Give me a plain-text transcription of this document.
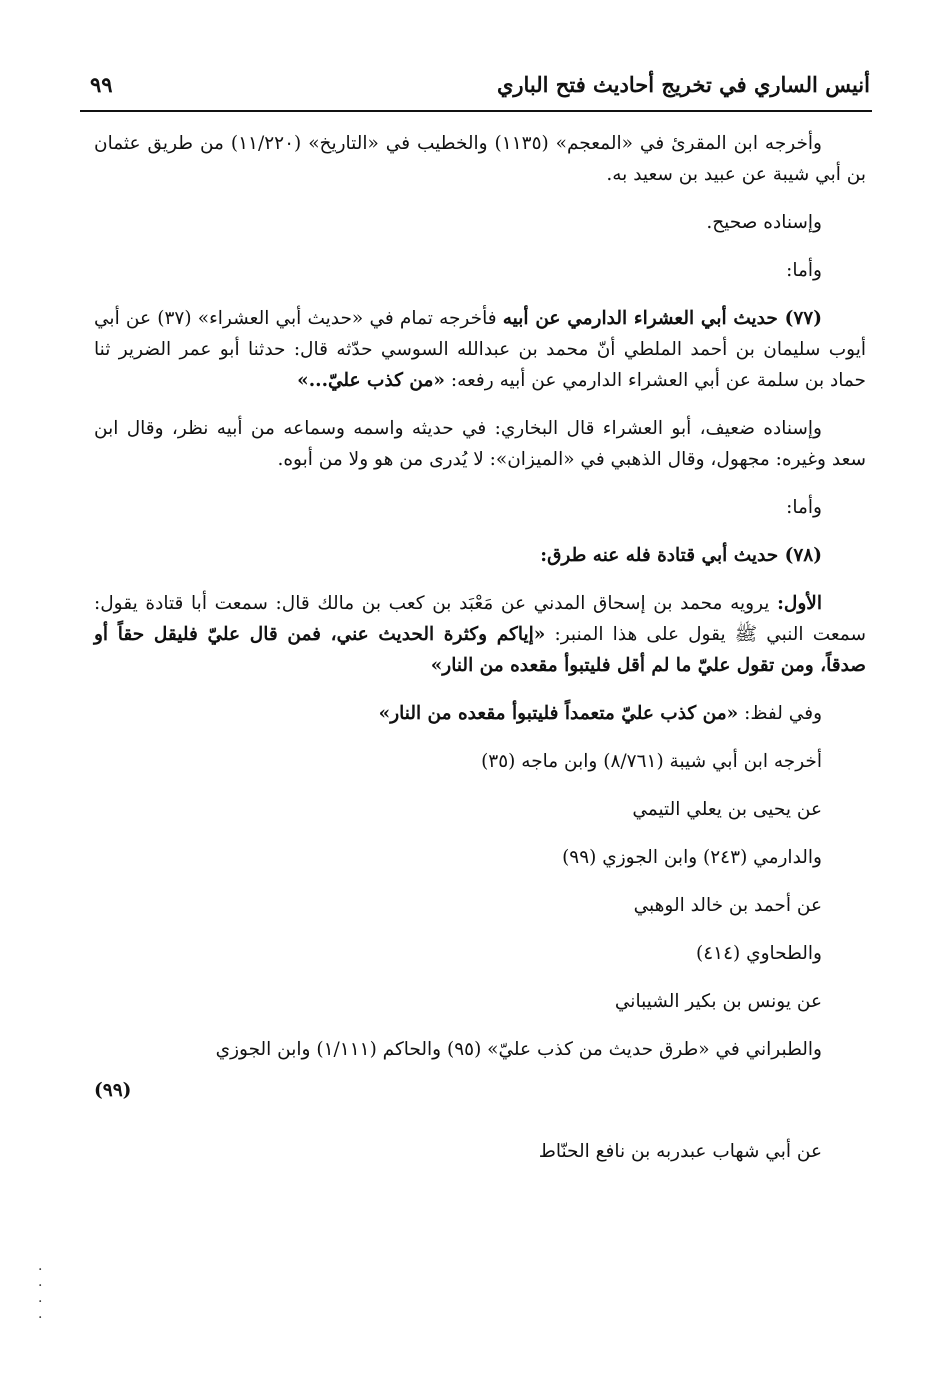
أنيس الساري في تخريج أحاديث فتح الباري
٩٩

وأخرجه ابن المقرئ في «المعجم» (١١٣٥) والخطيب في «التاريخ» (١١/٢٢٠) من طريق عثمان بن أبي شيبة عن عبيد بن سعيد به.

وإسناده صحيح.

وأما:

(٧٧) حديث أبي العشراء الدارمي عن أبيه فأخرجه تمام في «حديث أبي العشراء» (٣٧) عن أبي أيوب سليمان بن أحمد الملطي أنّ محمد بن عبدالله السوسي حدّثه قال: حدثنا أبو عمر الضرير ثنا حماد بن سلمة عن أبي العشراء الدارمي عن أبيه رفعه: «من كذب عليّ...»

وإسناده ضعيف، أبو العشراء قال البخاري: في حديثه واسمه وسماعه من أبيه نظر، وقال ابن سعد وغيره: مجهول، وقال الذهبي في «الميزان»: لا يُدرى من هو ولا من أبوه.

وأما:

(٧٨) حديث أبي قتادة فله عنه طرق:

الأول: يرويه محمد بن إسحاق المدني عن مَعْبَد بن كعب بن مالك قال: سمعت أبا قتادة يقول: سمعت النبي ﷺ يقول على هذا المنبر: «إياكم وكثرة الحديث عني، فمن قال عليّ فليقل حقاً أو صدقاً، ومن تقول عليّ ما لم أقل فليتبوأ مقعده من النار»

وفي لفظ: «من كذب عليّ متعمداً فليتبوأ مقعده من النار»

أخرجه ابن أبي شيبة (٨/٧٦١) وابن ماجه (٣٥)

عن يحيى بن يعلي التيمي

والدارمي (٢٤٣) وابن الجوزي (٩٩)

عن أحمد بن خالد الوهبي

والطحاوي (٤١٤)

عن يونس بن بكير الشيباني

والطبراني في «طرق حديث من كذب عليّ» (٩٥) والحاكم (١/١١١) وابن الجوزي

(٩٩)

عن أبي شهاب عبدربه بن نافع الحنّاط

·
·
·
·
